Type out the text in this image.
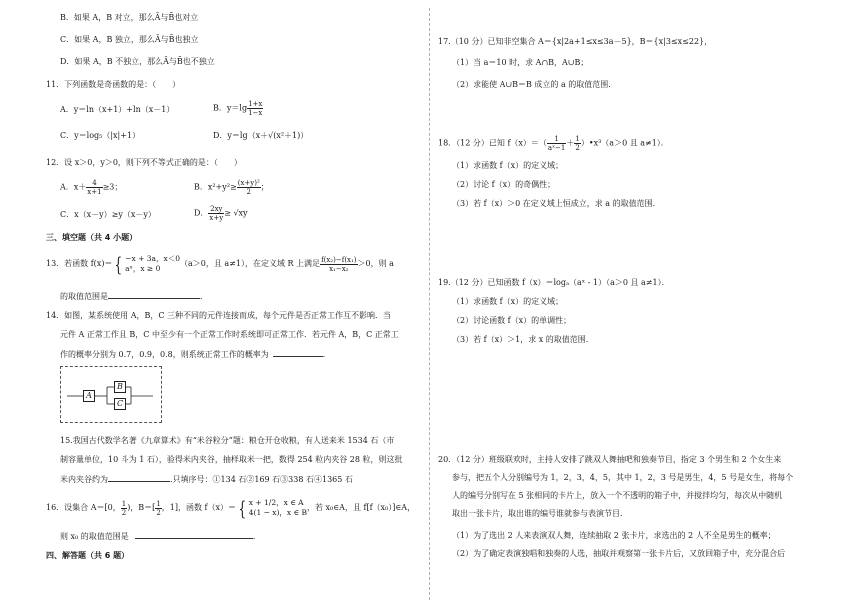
B．如果 A，B 对立，那么Ā与B̄也对立
C．如果 A，B 独立，那么Ā与B̄也独立
D．如果 A，B 不独立，那么Ā与B̄也不独立
11．下列函数是奇函数的是：（　　）
A．y＝ln（x+1）+ln（x－1）	B．$y=\lg \frac{1+x}{1-x}$
C．y＝log₅（|x|+1）	D．y＝lg（x＋√(x²＋1)）
12．设 x＞0，y＞0，则下列不等式正确的是：（　　）
A．$x+ \frac{4}{x+1} \ge 3$；	B．$x^2+y^2\ge \frac{\text{(x+y)²}}{2}$ ；
C．x（x－y）≥y（x－y）	D． $\frac{2xy}{x+y} \ge √xy$
三、填空题（共 4 小题）
13．若函数 f(x)＝ { −x + 3a，x＜0
aˣ，x ≥ 0
（a＞0，且 a≠1），在定义域 R 上满足 $\frac{\text{f(x₂)−f(x₁)}}{\text{x₁−x₂}} >0$，则 a
的取值范围是	．
14．如图，某系统使用 A，B，C 三种不同的元件连接而成，每个元件是否正常工作互不影响．当
元件 A 正常工作且 B，C 中至少有一个正常工作时系统即可正常工作．若元件 A，B，C 正常工
作的概率分别为 0.7，0.9，0.8，则系统正常工作的概率为	．
A
B
C
15.我国古代数学名著《九章算术》有“米谷粒分”题：粮仓开仓收粮，有人送来米 1534 石（市
制容量单位，10 斗为 1 石），验得米内夹谷，抽样取米一把，数得 254 粒内夹谷 28 粒，则这批
米内夹谷约为	.只填序号：①134 石②169 石③338 石④1365 石
16．设集合 A＝[0， $\frac{1}{2}$ )，$B=[ \frac{1}{2}$ ，1]，函数 f（x）＝ { x + 1/2，x ∈ A
4(1 − x)，x ∈ B
，若 x₀∈A，且 f[f（x₀）]∈A，
则 x₀ 的取值范围是	．
四、解答题（共 6 题）
17.（10 分）已知非空集合 A＝{x|2a+1≤x≤3a－5}，B＝{x|3≤x≤22}，
（1）当 a＝10 时，求 A∩B，A∪B；
（2）求能使 A∪B＝B 成立的 a 的取值范围．
18．（12 分）已知 $f(x)=( \frac{1}{\text{aˣ−1}} + \frac{1}{2}$ ）•x³（a＞0 且 a≠1）．
（1）求函数 f（x）的定义域；
（2）讨论 f（x）的奇偶性；
（3）若 f（x）＞0 在定义域上恒成立，求 a 的取值范围．
19.（12 分）已知函数 f（x）＝logₐ（aˣ - 1）（a＞0 且 a≠1）．
（1）求函数 f（x）的定义域；
（2）讨论函数 f（x）的单调性；
（3）若 f（x）＞1，求 x 的取值范围．
20．（12 分）班级联欢时，主持人安排了跳双人舞抽吧和独奏节目，指定 3 个男生和 2 个女生来
参与，把五个人分别编号为 1，2，3，4，5，其中 1，2，3 号是男生，4，5 号是女生，将每个
人的编号分别写在 5 张相同的卡片上，放入一个不透明的箱子中，并搅拌均匀，每次从中随机
取出一张卡片，取出谁的编号谁就参与表演节目．
（1）为了选出 2 人来表演双人舞，连续抽取 2 张卡片，求选出的 2 人不全是男生的概率；
（2）为了确定表演独唱和独奏的人选，抽取并观察第一张卡片后，又放回箱子中，充分混合后
